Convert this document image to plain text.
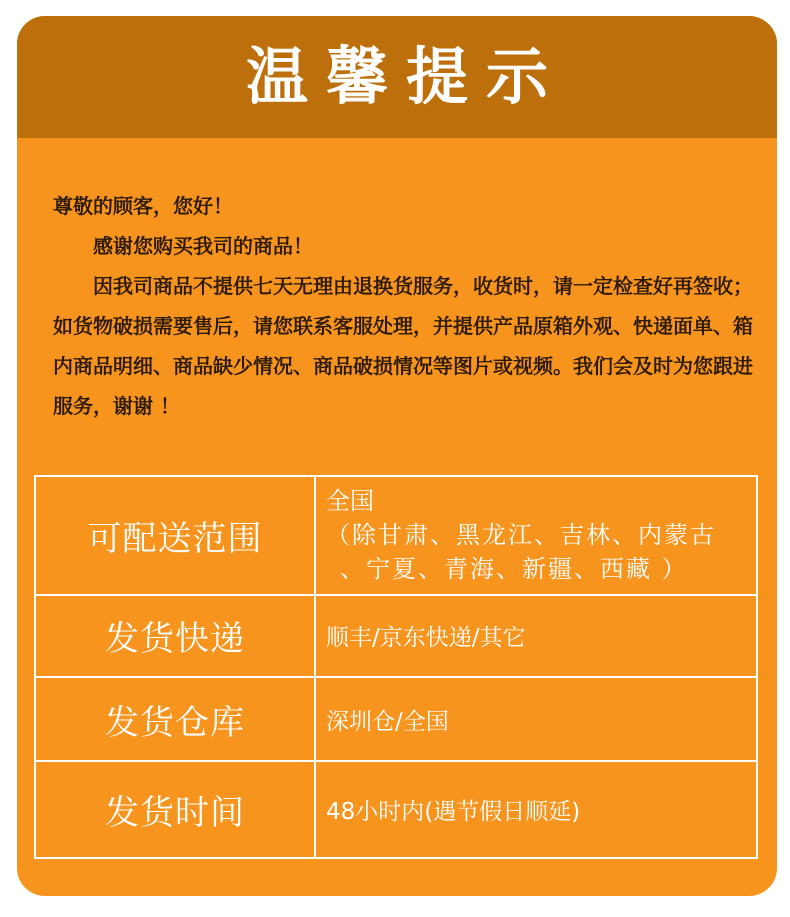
温馨提示

尊敬的顾客，您好！

感谢您购买我司的商品！

因我司商品不提供七天无理由退换货服务，收货时，请一定检查好再签收；如货物破损需要售后，请您联系客服处理，并提供产品原箱外观、快递面单、箱内商品明细、商品缺少情况、商品破损情况等图片或视频。我们会及时为您跟进服务，谢谢 ！

可配送范围	全国
（除甘肃、黑龙江、吉林、内蒙古
、宁夏、青海、新疆、西藏 ）

发货快递	顺丰/京东快递/其它
发货仓库	深圳仓/全国
发货时间	48小时内(遇节假日顺延)
